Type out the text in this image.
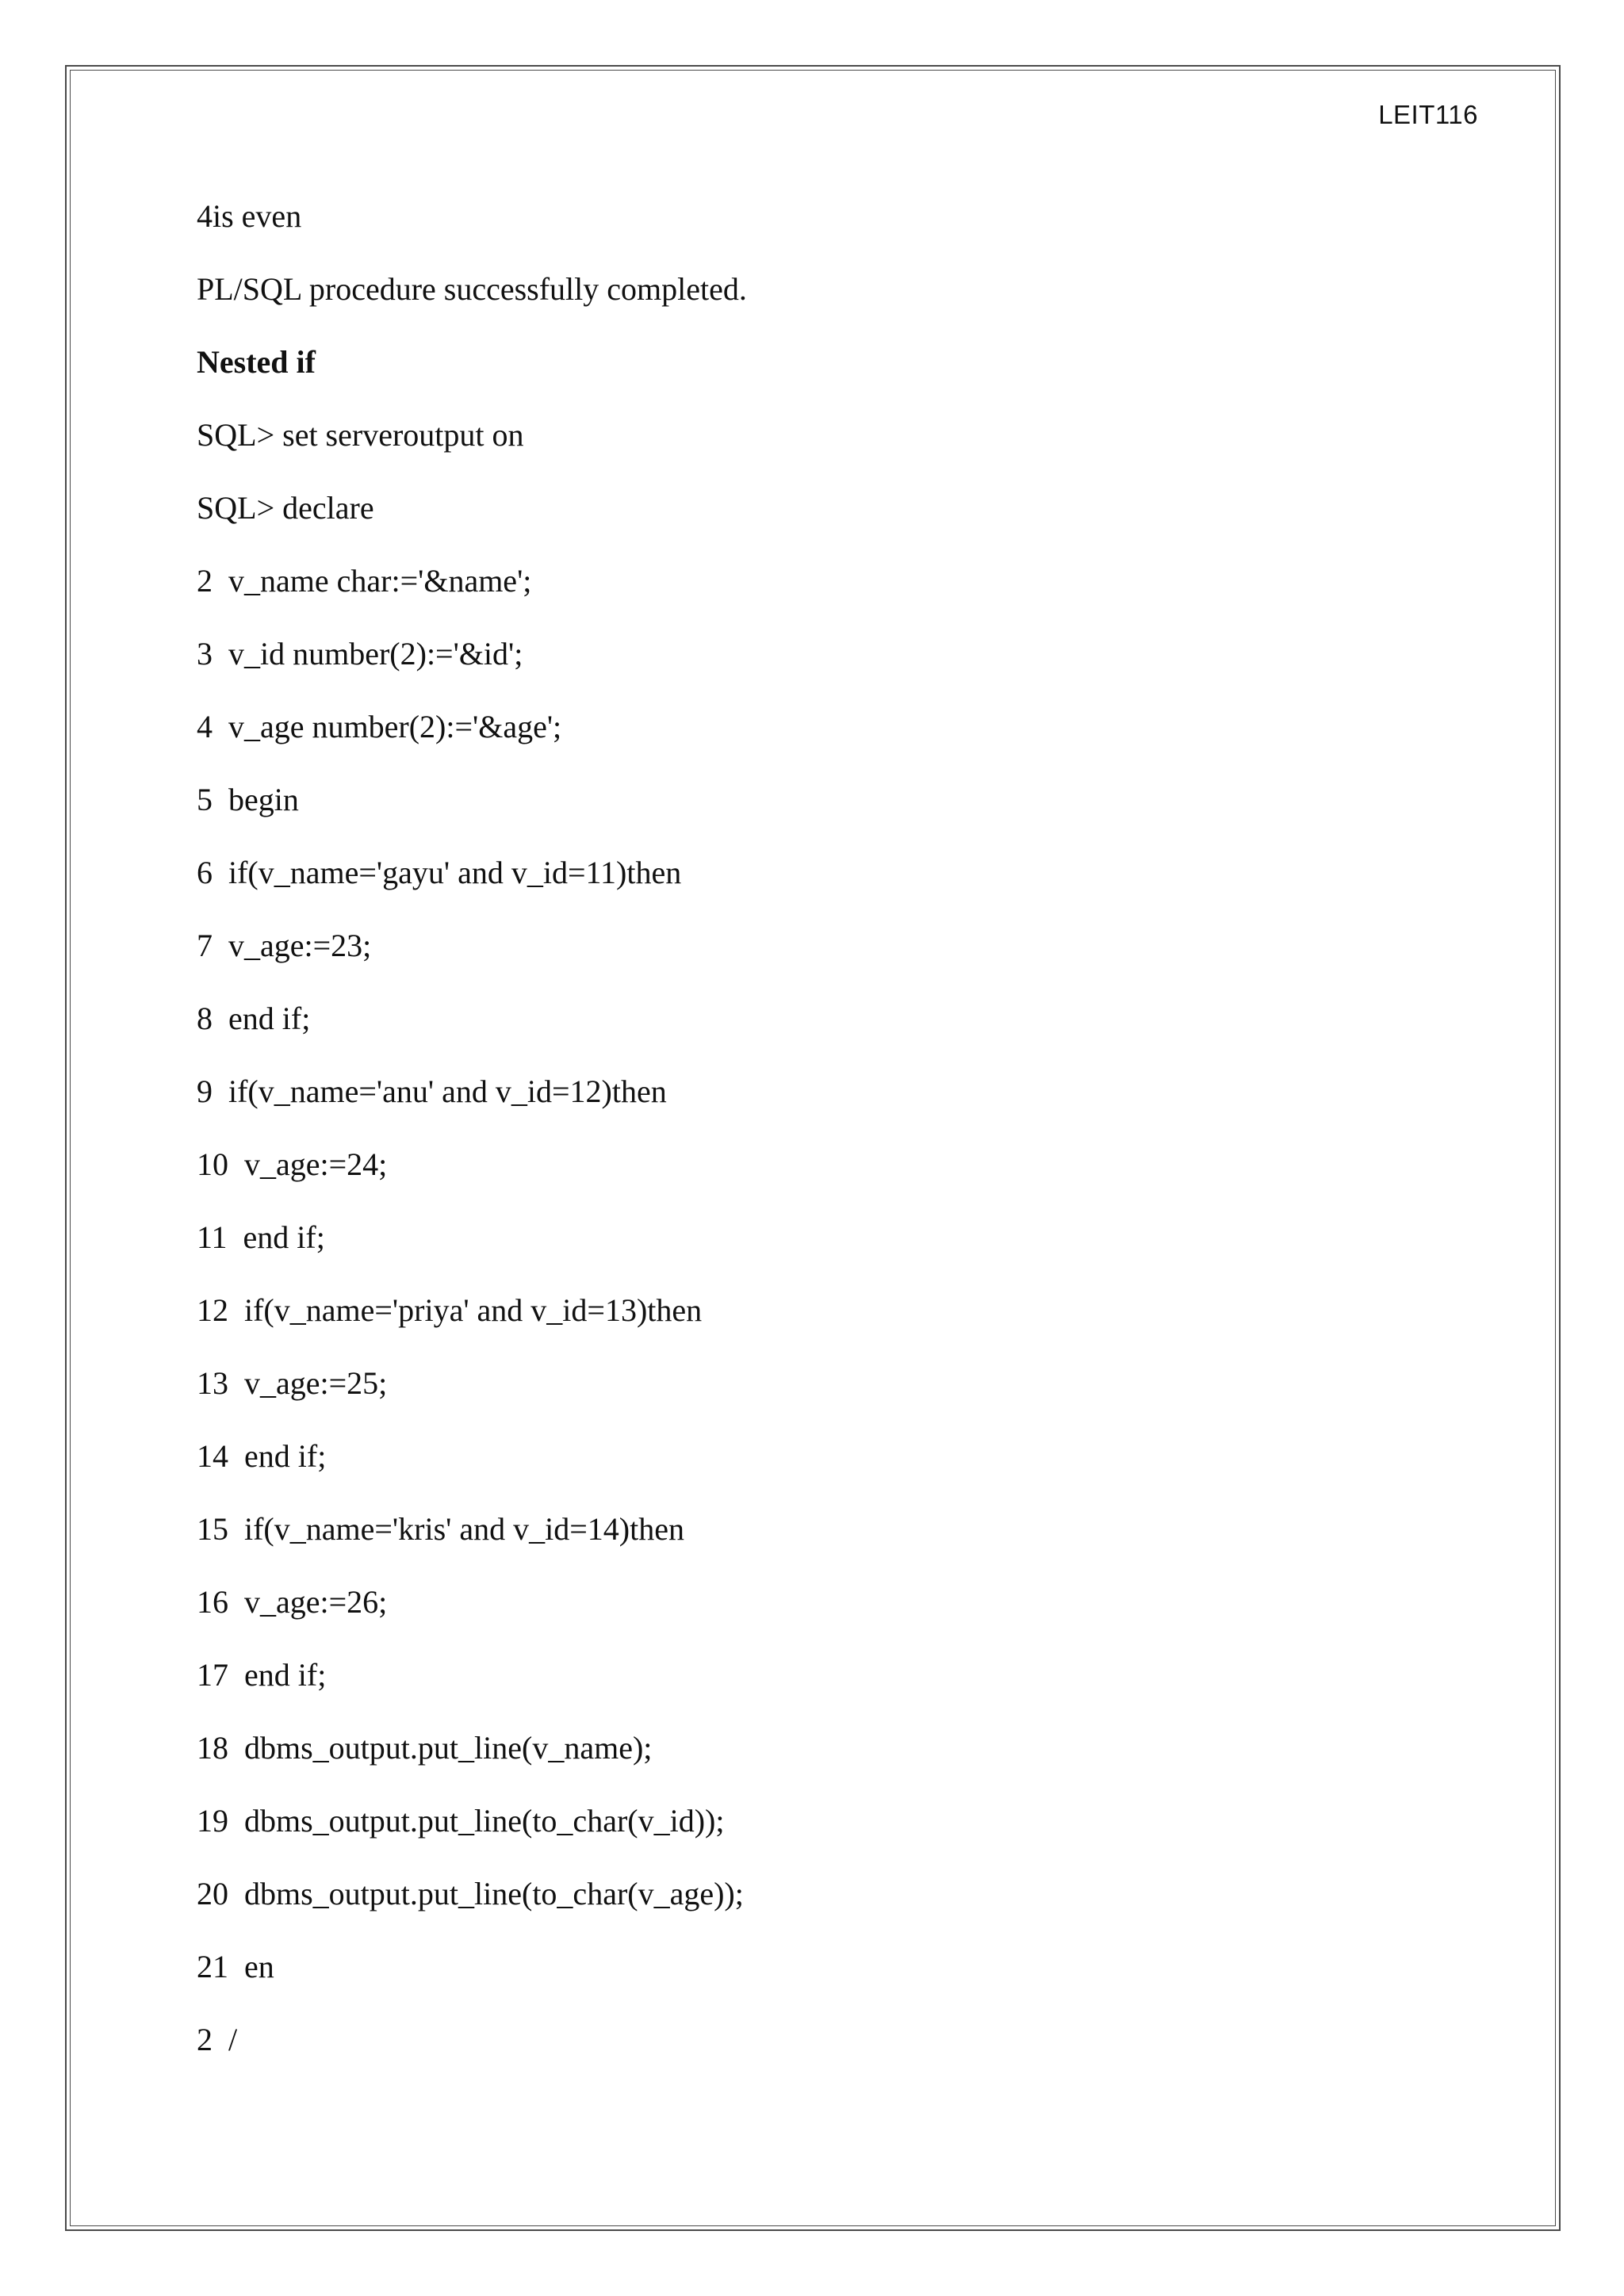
LEIT116
4is even
PL/SQL procedure successfully completed.
Nested if
SQL> set serveroutput on
SQL> declare
2  v_name char:='&name';
3  v_id number(2):='&id';
4  v_age number(2):='&age';
5  begin
6  if(v_name='gayu' and v_id=11)then
7  v_age:=23;
8  end if;
9  if(v_name='anu' and v_id=12)then
10  v_age:=24;
11  end if;
12  if(v_name='priya' and v_id=13)then
13  v_age:=25;
14  end if;
15  if(v_name='kris' and v_id=14)then
16  v_age:=26;
17  end if;
18  dbms_output.put_line(v_name);
19  dbms_output.put_line(to_char(v_id));
20  dbms_output.put_line(to_char(v_age));
21  en
2  /
